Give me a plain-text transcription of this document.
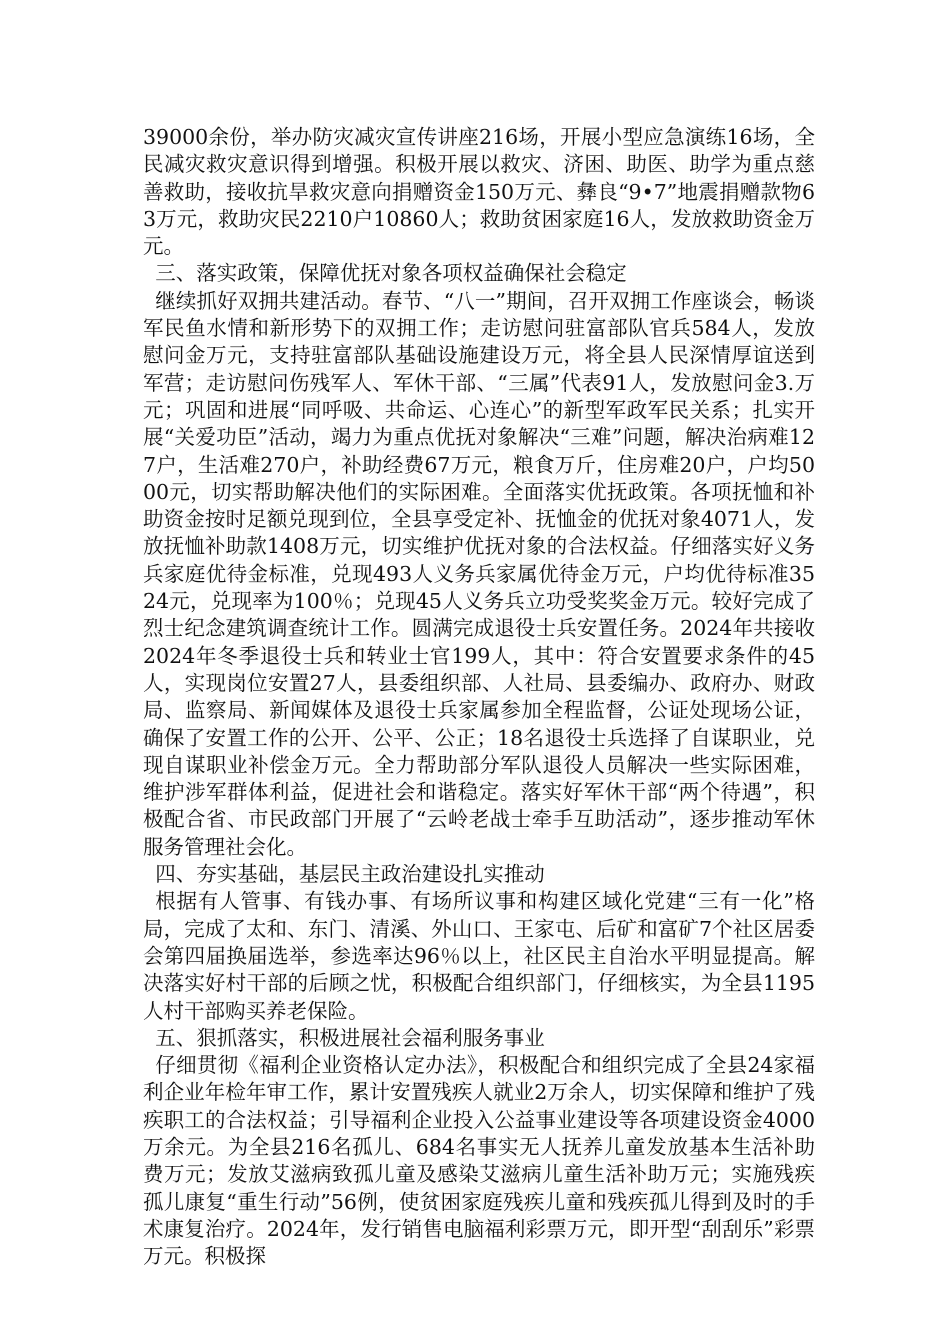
39000余份，举办防灾减灾宣传讲座216场，开展小型应急演练16场，全民减灾救灾意识得到增强。积极开展以救灾、济困、助医、助学为重点慈善救助，接收抗旱救灾意向捐赠资金150万元、彝良“9•7”地震捐赠款物63万元，救助灾民2210户10860人；救助贫困家庭16人，发放救助资金万元。

三、落实政策，保障优抚对象各项权益确保社会稳定

继续抓好双拥共建活动。春节、“八一”期间，召开双拥工作座谈会，畅谈军民鱼水情和新形势下的双拥工作；走访慰问驻富部队官兵584人，发放慰问金万元，支持驻富部队基础设施建设万元，将全县人民深情厚谊送到军营；走访慰问伤残军人、军休干部、“三属”代表91人，发放慰问金3.万元；巩固和进展“同呼吸、共命运、心连心”的新型军政军民关系；扎实开展“关爱功臣”活动，竭力为重点优抚对象解决“三难”问题，解决治病难127户，生活难270户，补助经费67万元，粮食万斤，住房难20户，户均5000元，切实帮助解决他们的实际困难。全面落实优抚政策。各项抚恤和补助资金按时足额兑现到位，全县享受定补、抚恤金的优抚对象4071人，发放抚恤补助款1408万元，切实维护优抚对象的合法权益。仔细落实好义务兵家庭优待金标准，兑现493人义务兵家属优待金万元，户均优待标准3524元，兑现率为100％；兑现45人义务兵立功受奖奖金万元。较好完成了烈士纪念建筑调查统计工作。圆满完成退役士兵安置任务。2024年共接收2024年冬季退役士兵和转业士官199人，其中：符合安置要求条件的45人，实现岗位安置27人，县委组织部、人社局、县委编办、政府办、财政局、监察局、新闻媒体及退役士兵家属参加全程监督，公证处现场公证，确保了安置工作的公开、公平、公正；18名退役士兵选择了自谋职业，兑现自谋职业补偿金万元。全力帮助部分军队退役人员解决一些实际困难，维护涉军群体利益，促进社会和谐稳定。落实好军休干部“两个待遇”，积极配合省、市民政部门开展了“云岭老战士牵手互助活动”，逐步推动军休服务管理社会化。

四、夯实基础，基层民主政治建设扎实推动

根据有人管事、有钱办事、有场所议事和构建区域化党建“三有一化”格局，完成了太和、东门、清溪、外山口、王家屯、后矿和富矿7个社区居委会第四届换届选举，参选率达96％以上，社区民主自治水平明显提高。解决落实好村干部的后顾之忧，积极配合组织部门，仔细核实，为全县1195人村干部购买养老保险。

五、狠抓落实，积极进展社会福利服务事业

仔细贯彻《福利企业资格认定办法》，积极配合和组织完成了全县24家福利企业年检年审工作，累计安置残疾人就业2万余人，切实保障和维护了残疾职工的合法权益；引导福利企业投入公益事业建设等各项建设资金4000万余元。为全县216名孤儿、684名事实无人抚养儿童发放基本生活补助费万元；发放艾滋病致孤儿童及感染艾滋病儿童生活补助万元；实施残疾孤儿康复“重生行动”56例，使贫困家庭残疾儿童和残疾孤儿得到及时的手术康复治疗。2024年，发行销售电脑福利彩票万元，即开型“刮刮乐”彩票万元。积极探
